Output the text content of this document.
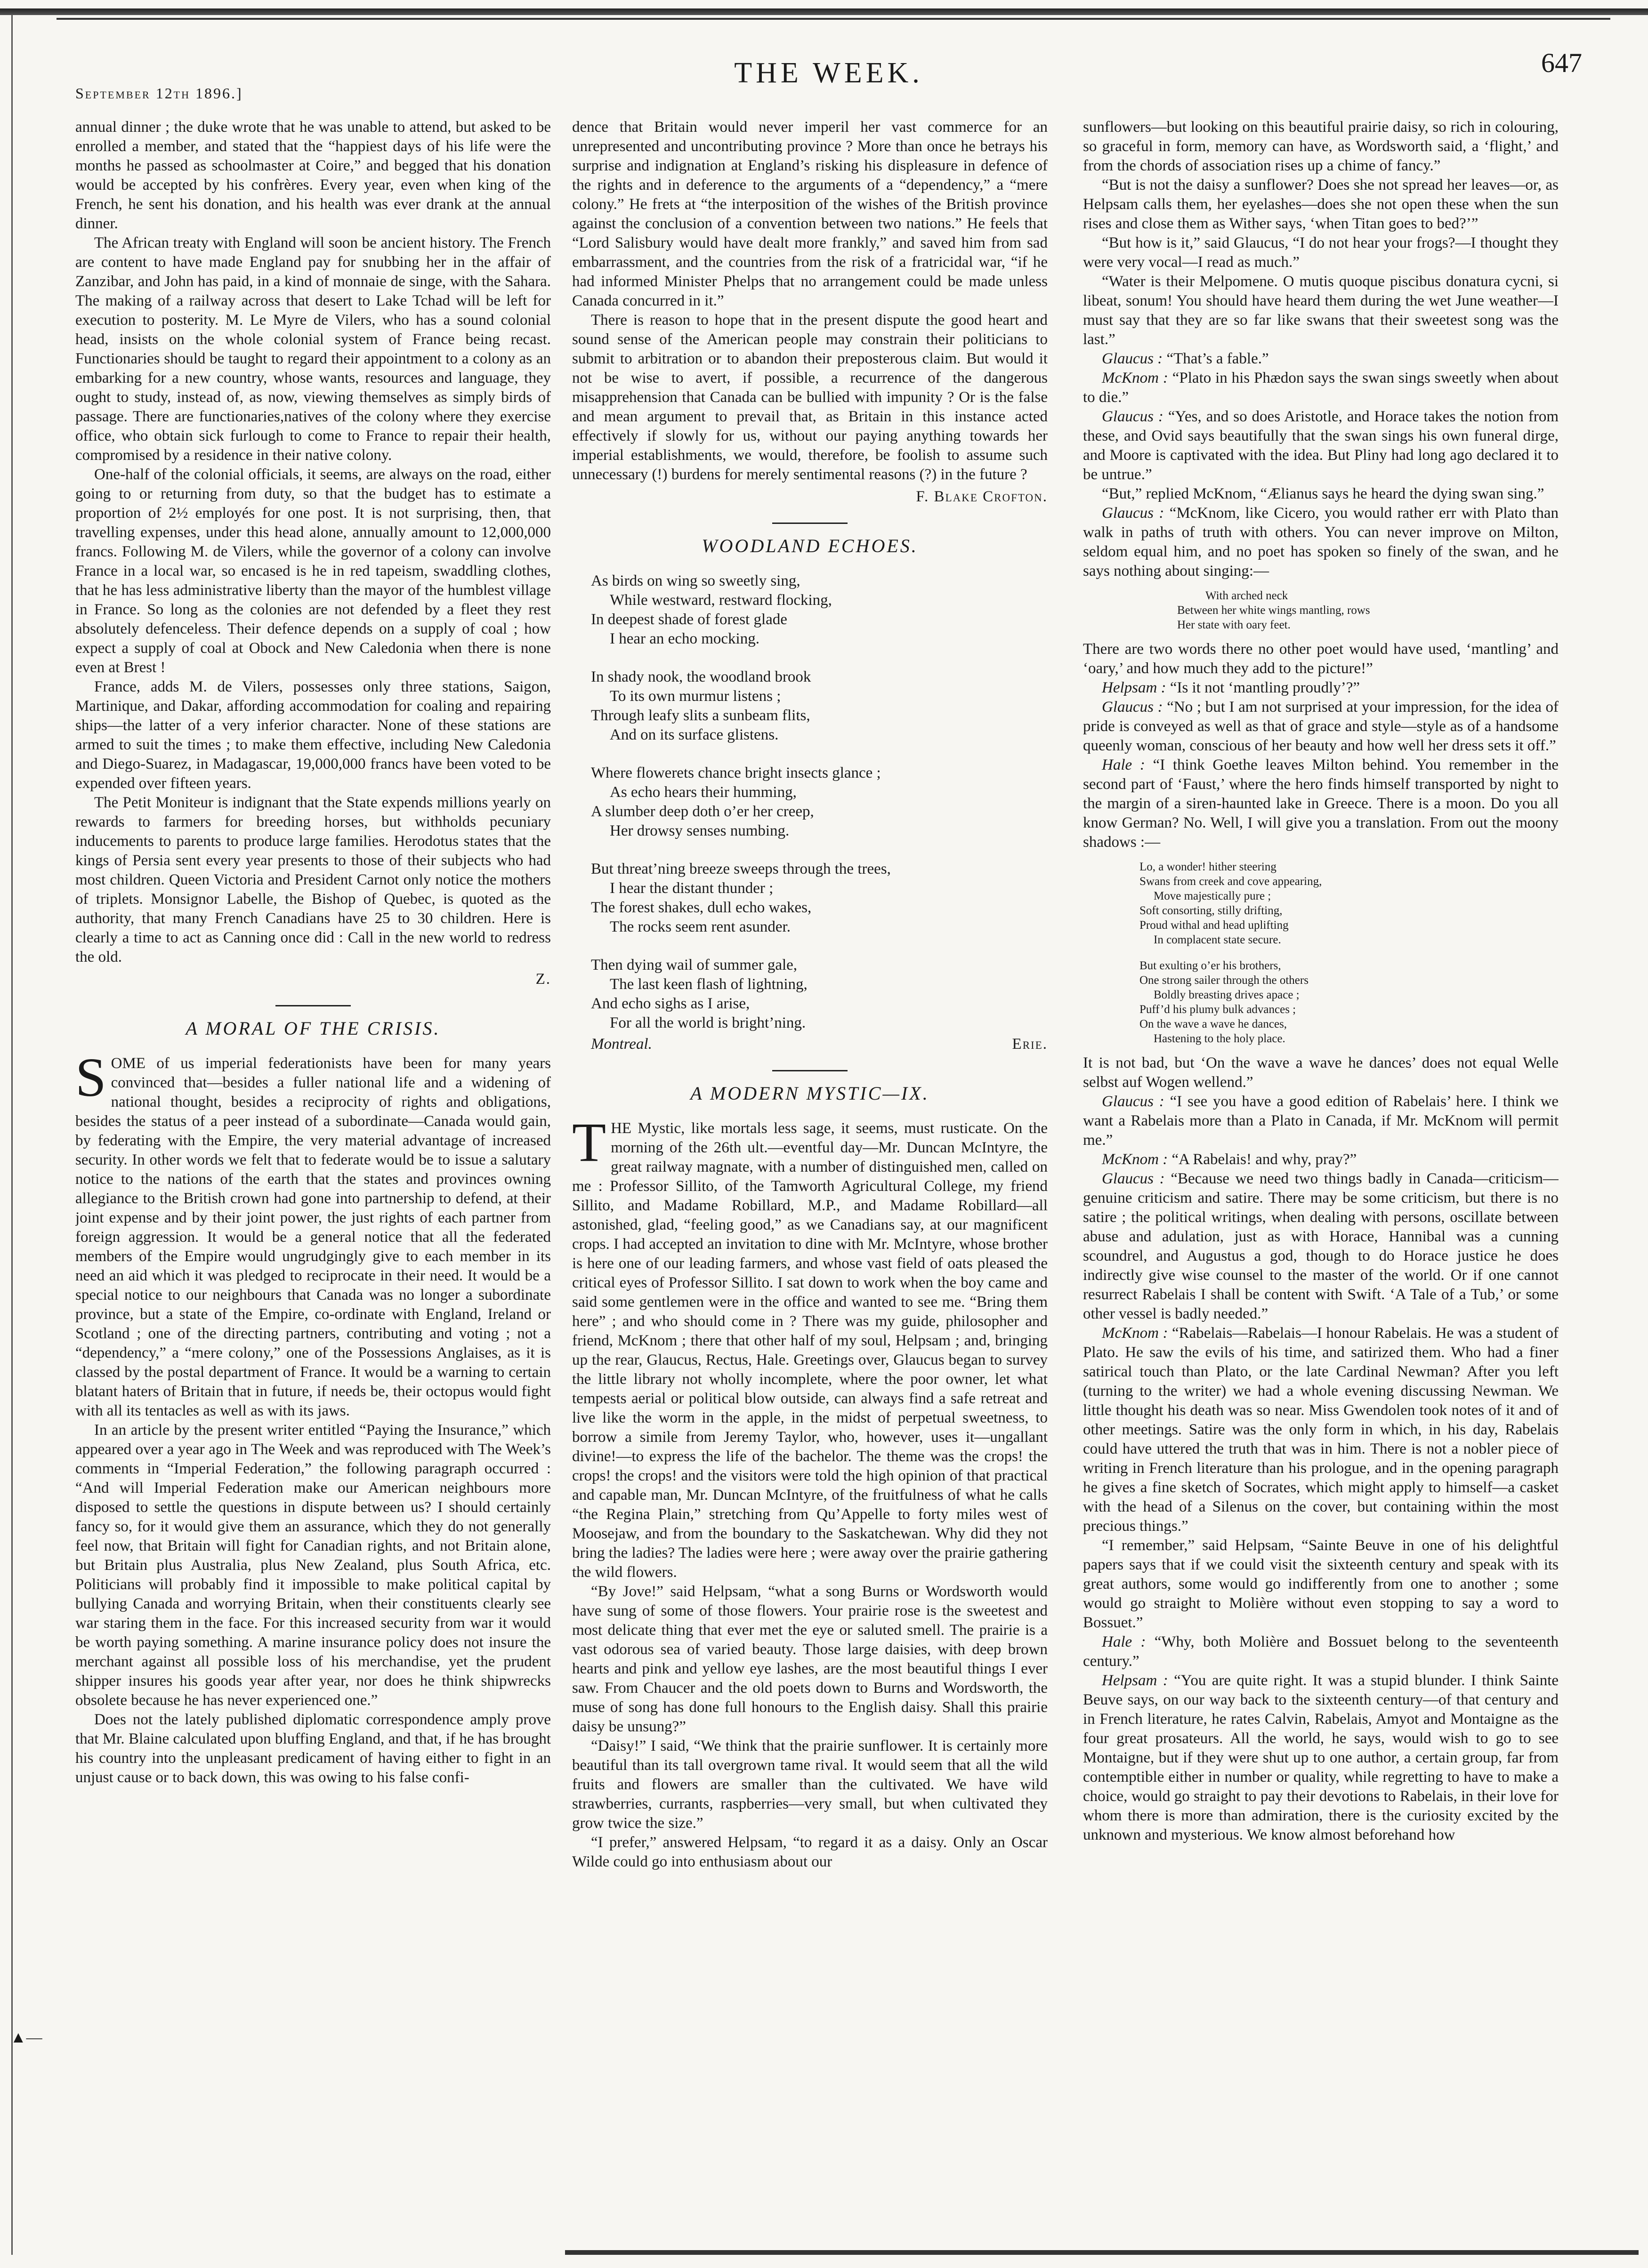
▲—
September 12th 1896.]
THE WEEK.	647

annual dinner ; the duke wrote that he was unable to attend, but asked to be enrolled a member, and stated that the “happiest days of his life were the months he passed as schoolmaster at Coire,” and begged that his donation would be accepted by his confrères. Every year, even when king of the French, he sent his donation, and his health was ever drank at the annual dinner.

The African treaty with England will soon be ancient history. The French are content to have made England pay for snubbing her in the affair of Zanzibar, and John has paid, in a kind of monnaie de singe, with the Sahara. The making of a railway across that desert to Lake Tchad will be left for execution to posterity. M. Le Myre de Vilers, who has a sound colonial head, insists on the whole colonial system of France being recast. Functionaries should be taught to regard their appointment to a colony as an embarking for a new country, whose wants, resources and language, they ought to study, instead of, as now, viewing themselves as simply birds of passage. There are functionaries,natives of the colony where they exercise office, who obtain sick furlough to come to France to repair their health, compromised by a residence in their native colony.

One-half of the colonial officials, it seems, are always on the road, either going to or returning from duty, so that the budget has to estimate a proportion of 2½ employés for one post. It is not surprising, then, that travelling expenses, under this head alone, annually amount to 12,000,000 francs. Following M. de Vilers, while the governor of a colony can involve France in a local war, so encased is he in red tapeism, swaddling clothes, that he has less administrative liberty than the mayor of the humblest village in France. So long as the colonies are not defended by a fleet they rest absolutely defenceless. Their defence depends on a supply of coal ; how expect a supply of coal at Obock and New Caledonia when there is none even at Brest !

France, adds M. de Vilers, possesses only three stations, Saigon, Martinique, and Dakar, affording accommodation for coaling and repairing ships—the latter of a very inferior character. None of these stations are armed to suit the times ; to make them effective, including New Caledonia and Diego-Suarez, in Madagascar, 19,000,000 francs have been voted to be expended over fifteen years.

The Petit Moniteur is indignant that the State expends millions yearly on rewards to farmers for breeding horses, but withholds pecuniary inducements to parents to produce large families. Herodotus states that the kings of Persia sent every year presents to those of their subjects who had most children. Queen Victoria and President Carnot only notice the mothers of triplets. Monsignor Labelle, the Bishop of Quebec, is quoted as the authority, that many French Canadians have 25 to 30 children. Here is clearly a time to act as Canning once did : Call in the new world to redress the old.

Z.
A MORAL OF THE CRISIS.

SOME of us imperial federationists have been for many years convinced that—besides a fuller national life and a widening of national thought, besides a reciprocity of rights and obligations, besides the status of a peer instead of a subordinate—Canada would gain, by federating with the Empire, the very material advantage of increased security. In other words we felt that to federate would be to issue a salutary notice to the nations of the earth that the states and provinces owning allegiance to the British crown had gone into partnership to defend, at their joint expense and by their joint power, the just rights of each partner from foreign aggression. It would be a general notice that all the federated members of the Empire would ungrudgingly give to each member in its need an aid which it was pledged to reciprocate in their need. It would be a special notice to our neighbours that Canada was no longer a subordinate province, but a state of the Empire, co-ordinate with England, Ireland or Scotland ; one of the directing partners, contributing and voting ; not a “dependency,” a “mere colony,” one of the Possessions Anglaises, as it is classed by the postal department of France. It would be a warning to certain blatant haters of Britain that in future, if needs be, their octopus would fight with all its tentacles as well as with its jaws.

In an article by the present writer entitled “Paying the Insurance,” which appeared over a year ago in The Week and was reproduced with The Week’s comments in “Imperial Federation,” the following paragraph occurred : “And will Imperial Federation make our American neighbours more disposed to settle the questions in dispute between us? I should certainly fancy so, for it would give them an assurance, which they do not generally feel now, that Britain will fight for Canadian rights, and not Britain alone, but Britain plus Australia, plus New Zealand, plus South Africa, etc. Politicians will probably find it impossible to make political capital by bullying Canada and worrying Britain, when their constituents clearly see war staring them in the face. For this increased security from war it would be worth paying something. A marine insurance policy does not insure the merchant against all possible loss of his merchandise, yet the prudent shipper insures his goods year after year, nor does he think shipwrecks obsolete because he has never experienced one.”

Does not the lately published diplomatic correspondence amply prove that Mr. Blaine calculated upon bluffing England, and that, if he has brought his country into the unpleasant predicament of having either to fight in an unjust cause or to back down, this was owing to his false confi-

dence that Britain would never imperil her vast commerce for an unrepresented and uncontributing province ? More than once he betrays his surprise and indignation at England’s risking his displeasure in defence of the rights and in deference to the arguments of a “dependency,” a “mere colony.” He frets at “the interposition of the wishes of the British province against the conclusion of a convention between two nations.” He feels that “Lord Salisbury would have dealt more frankly,” and saved him from sad embarrassment, and the countries from the risk of a fratricidal war, “if he had informed Minister Phelps that no arrangement could be made unless Canada concurred in it.”

There is reason to hope that in the present dispute the good heart and sound sense of the American people may constrain their politicians to submit to arbitration or to abandon their preposterous claim. But would it not be wise to avert, if possible, a recurrence of the dangerous misapprehension that Canada can be bullied with impunity ? Or is the false and mean argument to prevail that, as Britain in this instance acted effectively if slowly for us, without our paying anything towards her imperial establishments, we would, therefore, be foolish to assume such unnecessary (!) burdens for merely sentimental reasons (?) in the future ?

F. Blake Crofton.
WOODLAND ECHOES.
As birds on wing so sweetly sing,
While westward, restward flocking,
In deepest shade of forest glade
I hear an echo mocking.
In shady nook, the woodland brook
To its own murmur listens ;
Through leafy slits a sunbeam flits,
And on its surface glistens.
Where flowerets chance bright insects glance ;
As echo hears their humming,
A slumber deep doth o’er her creep,
Her drowsy senses numbing.
But threat’ning breeze sweeps through the trees,
I hear the distant thunder ;
The forest shakes, dull echo wakes,
The rocks seem rent asunder.
Then dying wail of summer gale,
The last keen flash of lightning,
And echo sighs as I arise,
For all the world is bright’ning.
Montreal.	Erie.
A MODERN MYSTIC—IX.

THE Mystic, like mortals less sage, it seems, must rusticate. On the morning of the 26th ult.—eventful day—Mr. Duncan McIntyre, the great railway magnate, with a number of distinguished men, called on me : Professor Sillito, of the Tamworth Agricultural College, my friend Sillito, and Madame Robillard, M.P., and Madame Robillard—all astonished, glad, “feeling good,” as we Canadians say, at our magnificent crops. I had accepted an invitation to dine with Mr. McIntyre, whose brother is here one of our leading farmers, and whose vast field of oats pleased the critical eyes of Professor Sillito. I sat down to work when the boy came and said some gentlemen were in the office and wanted to see me. “Bring them here” ; and who should come in ? There was my guide, philosopher and friend, McKnom ; there that other half of my soul, Helpsam ; and, bringing up the rear, Glaucus, Rectus, Hale. Greetings over, Glaucus began to survey the little library not wholly incomplete, where the poor owner, let what tempests aerial or political blow outside, can always find a safe retreat and live like the worm in the apple, in the midst of perpetual sweetness, to borrow a simile from Jeremy Taylor, who, however, uses it—ungallant divine!—to express the life of the bachelor. The theme was the crops! the crops! the crops! and the visitors were told the high opinion of that practical and capable man, Mr. Duncan McIntyre, of the fruitfulness of what he calls “the Regina Plain,” stretching from Qu’Appelle to forty miles west of Moosejaw, and from the boundary to the Saskatchewan. Why did they not bring the ladies? The ladies were here ; were away over the prairie gathering the wild flowers.

“By Jove!” said Helpsam, “what a song Burns or Wordsworth would have sung of some of those flowers. Your prairie rose is the sweetest and most delicate thing that ever met the eye or saluted smell. The prairie is a vast odorous sea of varied beauty. Those large daisies, with deep brown hearts and pink and yellow eye lashes, are the most beautiful things I ever saw. From Chaucer and the old poets down to Burns and Wordsworth, the muse of song has done full honours to the English daisy. Shall this prairie daisy be unsung?”

“Daisy!” I said, “We think that the prairie sunflower. It is certainly more beautiful than its tall overgrown tame rival. It would seem that all the wild fruits and flowers are smaller than the cultivated. We have wild strawberries, currants, raspberries—very small, but when cultivated they grow twice the size.”

“I prefer,” answered Helpsam, “to regard it as a daisy. Only an Oscar Wilde could go into enthusiasm about our

sunflowers—but looking on this beautiful prairie daisy, so rich in colouring, so graceful in form, memory can have, as Wordsworth said, a ‘flight,’ and from the chords of association rises up a chime of fancy.”

“But is not the daisy a sunflower? Does she not spread her leaves—or, as Helpsam calls them, her eyelashes—does she not open these when the sun rises and close them as Wither says, ‘when Titan goes to bed?’”

“But how is it,” said Glaucus, “I do not hear your frogs?—I thought they were very vocal—I read as much.”

“Water is their Melpomene. O mutis quoque piscibus donatura cycni, si libeat, sonum! You should have heard them during the wet June weather—I must say that they are so far like swans that their sweetest song was the last.”

Glaucus : “That’s a fable.”

McKnom : “Plato in his Phædon says the swan sings sweetly when about to die.”

Glaucus : “Yes, and so does Aristotle, and Horace takes the notion from these, and Ovid says beautifully that the swan sings his own funeral dirge, and Moore is captivated with the idea. But Pliny had long ago declared it to be untrue.”

“But,” replied McKnom, “Ælianus says he heard the dying swan sing.”

Glaucus : “McKnom, like Cicero, you would rather err with Plato than walk in paths of truth with others. You can never improve on Milton, seldom equal him, and no poet has spoken so finely of the swan, and he says nothing about singing:—

With arched neck
Between her white wings mantling, rows
Her state with oary feet.

There are two words there no other poet would have used, ‘mantling’ and ‘oary,’ and how much they add to the picture!”

Helpsam : “Is it not ‘mantling proudly’?”

Glaucus : “No ; but I am not surprised at your impression, for the idea of pride is conveyed as well as that of grace and style—style as of a handsome queenly woman, conscious of her beauty and how well her dress sets it off.”

Hale : “I think Goethe leaves Milton behind. You remember in the second part of ‘Faust,’ where the hero finds himself transported by night to the margin of a siren-haunted lake in Greece. There is a moon. Do you all know German? No. Well, I will give you a translation. From out the moony shadows :—

Lo, a wonder! hither steering
Swans from creek and cove appearing,
Move majestically pure ;
Soft consorting, stilly drifting,
Proud withal and head uplifting
In complacent state secure.
But exulting o’er his brothers,
One strong sailer through the others
Boldly breasting drives apace ;
Puff’d his plumy bulk advances ;
On the wave a wave he dances,
Hastening to the holy place.

It is not bad, but ‘On the wave a wave he dances’ does not equal Welle selbst auf Wogen wellend.”

Glaucus : “I see you have a good edition of Rabelais’ here. I think we want a Rabelais more than a Plato in Canada, if Mr. McKnom will permit me.”

McKnom : “A Rabelais! and why, pray?”

Glaucus : “Because we need two things badly in Canada—criticism—genuine criticism and satire. There may be some criticism, but there is no satire ; the political writings, when dealing with persons, oscillate between abuse and adulation, just as with Horace, Hannibal was a cunning scoundrel, and Augustus a god, though to do Horace justice he does indirectly give wise counsel to the master of the world. Or if one cannot resurrect Rabelais I shall be content with Swift. ‘A Tale of a Tub,’ or some other vessel is badly needed.”

McKnom : “Rabelais—Rabelais—I honour Rabelais. He was a student of Plato. He saw the evils of his time, and satirized them. Who had a finer satirical touch than Plato, or the late Cardinal Newman? After you left (turning to the writer) we had a whole evening discussing Newman. We little thought his death was so near. Miss Gwendolen took notes of it and of other meetings. Satire was the only form in which, in his day, Rabelais could have uttered the truth that was in him. There is not a nobler piece of writing in French literature than his prologue, and in the opening paragraph he gives a fine sketch of Socrates, which might apply to himself—a casket with the head of a Silenus on the cover, but containing within the most precious things.”

“I remember,” said Helpsam, “Sainte Beuve in one of his delightful papers says that if we could visit the sixteenth century and speak with its great authors, some would go indifferently from one to another ; some would go straight to Molière without even stopping to say a word to Bossuet.”

Hale : “Why, both Molière and Bossuet belong to the seventeenth century.”

Helpsam : “You are quite right. It was a stupid blunder. I think Sainte Beuve says, on our way back to the sixteenth century—of that century and in French literature, he rates Calvin, Rabelais, Amyot and Montaigne as the four great prosateurs. All the world, he says, would wish to go to see Montaigne, but if they were shut up to one author, a certain group, far from contemptible either in number or quality, while regretting to have to make a choice, would go straight to pay their devotions to Rabelais, in their love for whom there is more than admiration, there is the curiosity excited by the unknown and mysterious. We know almost beforehand how
